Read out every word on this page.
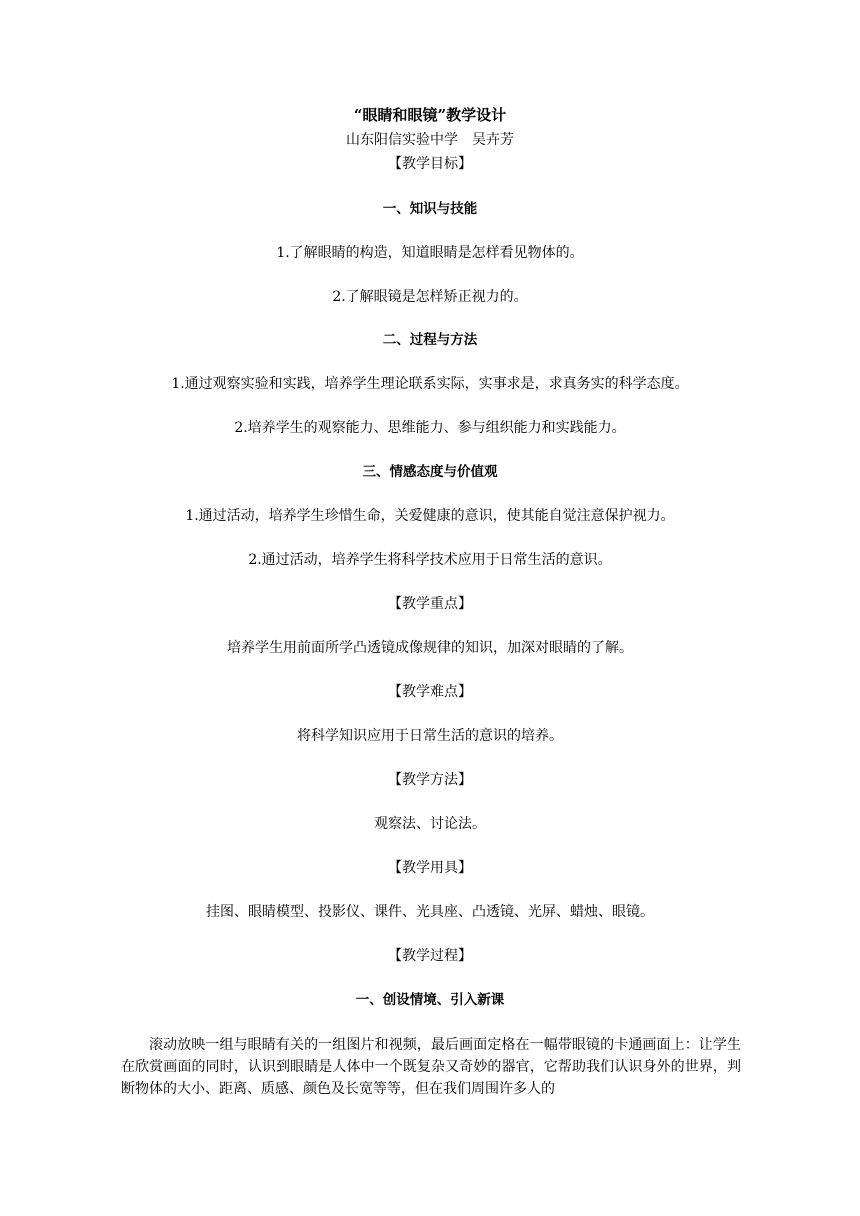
“眼睛和眼镜”教学设计
山东阳信实验中学　吴卉芳
【教学目标】
一、知识与技能
1.了解眼睛的构造，知道眼睛是怎样看见物体的。
2.了解眼镜是怎样矫正视力的。
二、过程与方法
1.通过观察实验和实践，培养学生理论联系实际，实事求是，求真务实的科学态度。
2.培养学生的观察能力、思维能力、参与组织能力和实践能力。
三、情感态度与价值观
1.通过活动，培养学生珍惜生命，关爱健康的意识，使其能自觉注意保护视力。
2.通过活动，培养学生将科学技术应用于日常生活的意识。
【教学重点】
培养学生用前面所学凸透镜成像规律的知识，加深对眼睛的了解。
【教学难点】
将科学知识应用于日常生活的意识的培养。
【教学方法】
观察法、讨论法。
【教学用具】
挂图、眼睛模型、投影仪、课件、光具座、凸透镜、光屏、蜡烛、眼镜。
【教学过程】
一、创设情境、引入新课
滚动放映一组与眼睛有关的一组图片和视频，最后画面定格在一幅带眼镜的卡通画面上：让学生在欣赏画面的同时，认识到眼睛是人体中一个既复杂又奇妙的器官，它帮助我们认识身外的世界，判断物体的大小、距离、质感、颜色及长宽等等，但在我们周围许多人的
